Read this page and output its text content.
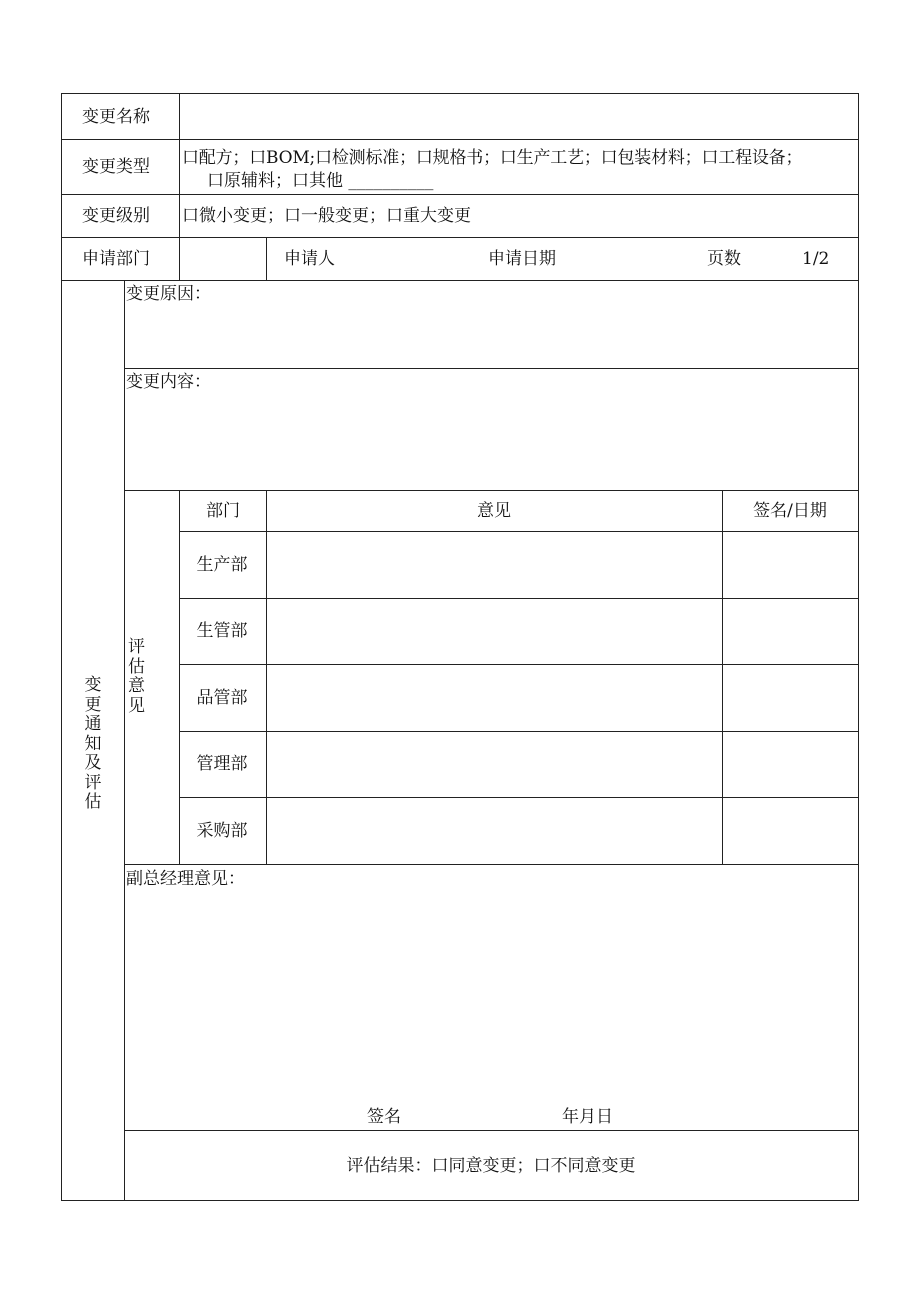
变更名称
变更类型 口配方；口BOM;口检测标准；口规格书；口生产工艺；口包装材料；口工程设备；
口原辅料；口其他 __________
变更级别 口微小变更；口一般变更；口重大变更
申请部门	申请人	申请日期	页数	1/2
变更通知及评估
变更原因：
变更内容：
评估意见
部门	意见	签名/日期
生产部
生管部
品管部
管理部
采购部
副总经理意见：
签名	年月日
评估结果：口同意变更；口不同意变更
